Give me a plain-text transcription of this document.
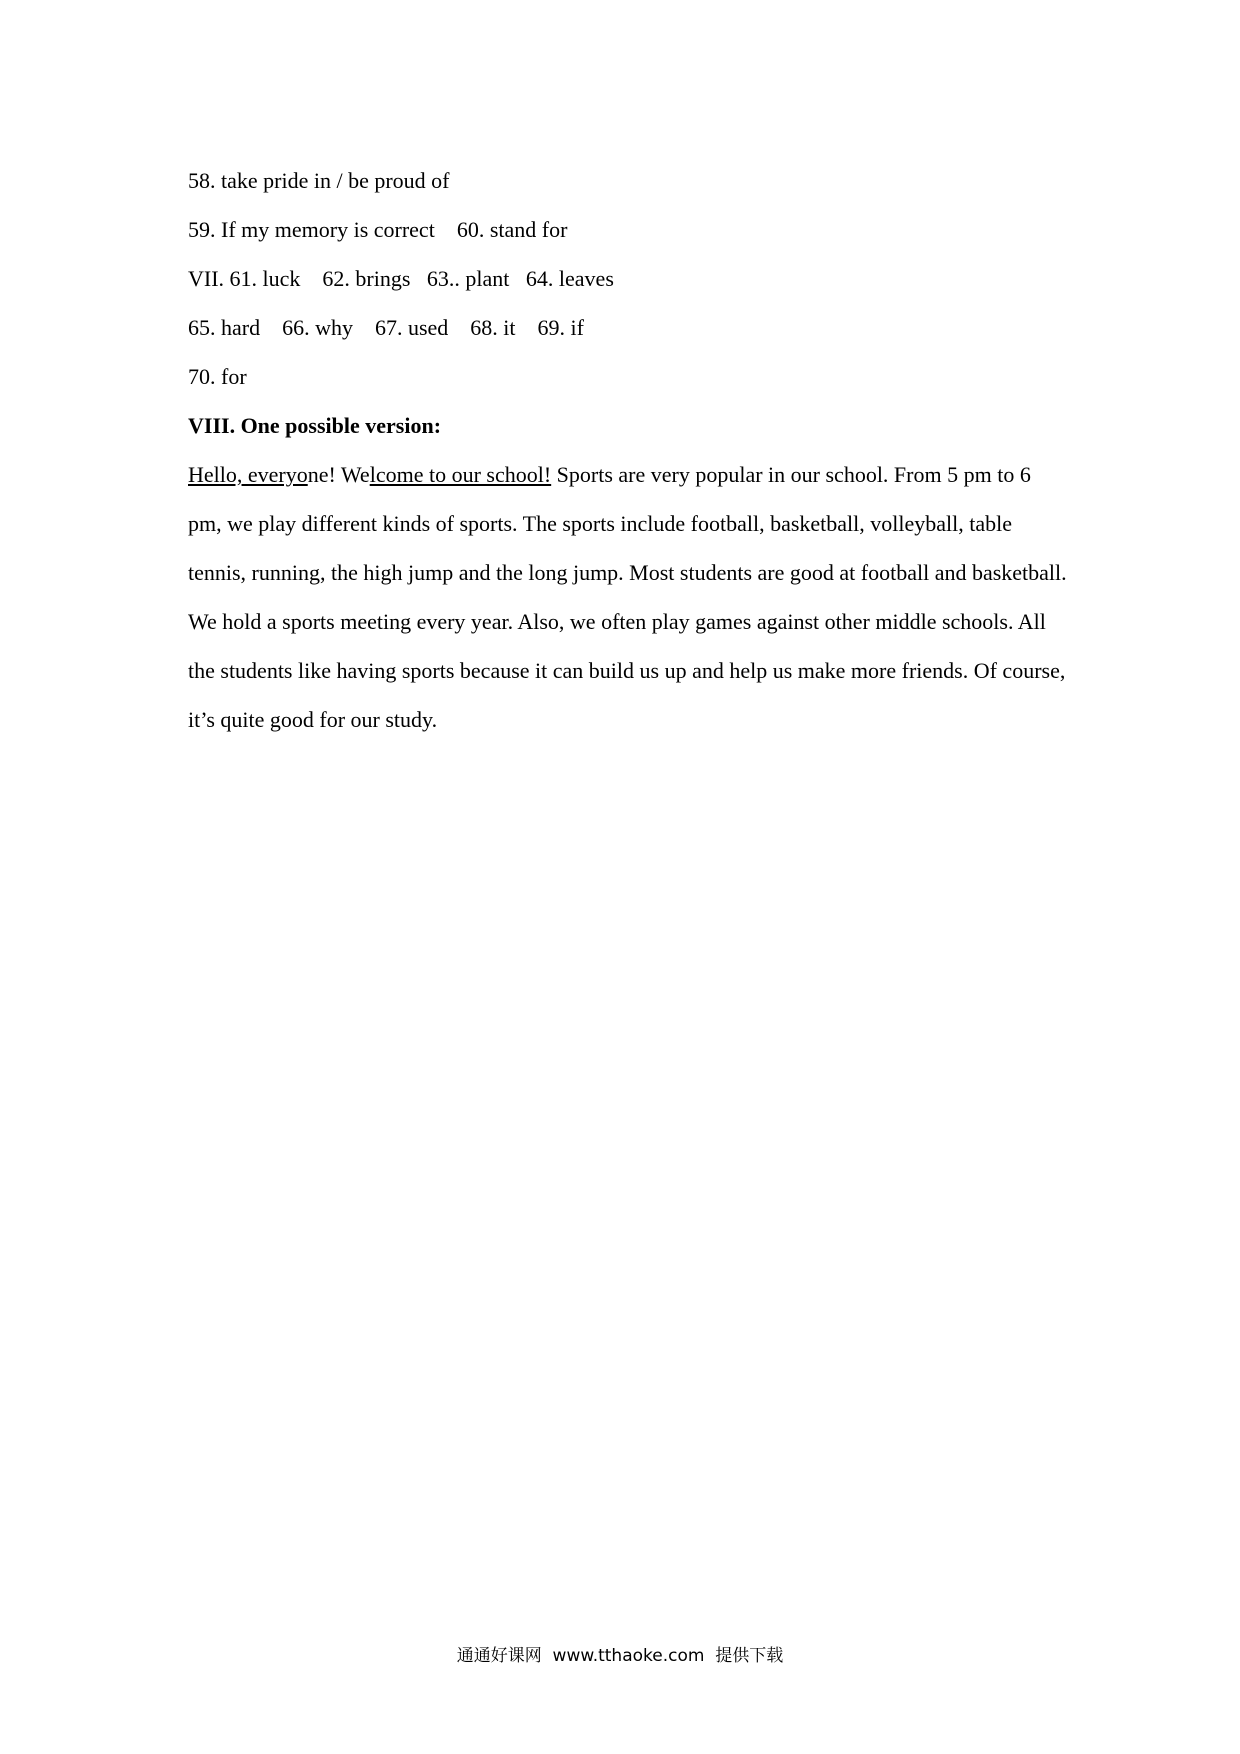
58. take pride in / be proud of
59. If my memory is correct    60. stand for
VII. 61. luck    62. brings   63.. plant   64. leaves
65. hard    66. why    67. used    68. it    69. if
70. for
VIII. One possible version:

Hello, everyone! Welcome to our school! Sports are very popular in our school. From 5 pm to 6 pm, we play different kinds of sports. The sports include football, basketball, volleyball, table tennis, running, the high jump and the long jump. Most students are good at football and basketball. We hold a sports meeting every year. Also, we often play games against other middle schools. All the students like having sports because it can build us up and help us make more friends. Of course, it’s quite good for our study.

通通好课网  www.tthaoke.com  提供下载
